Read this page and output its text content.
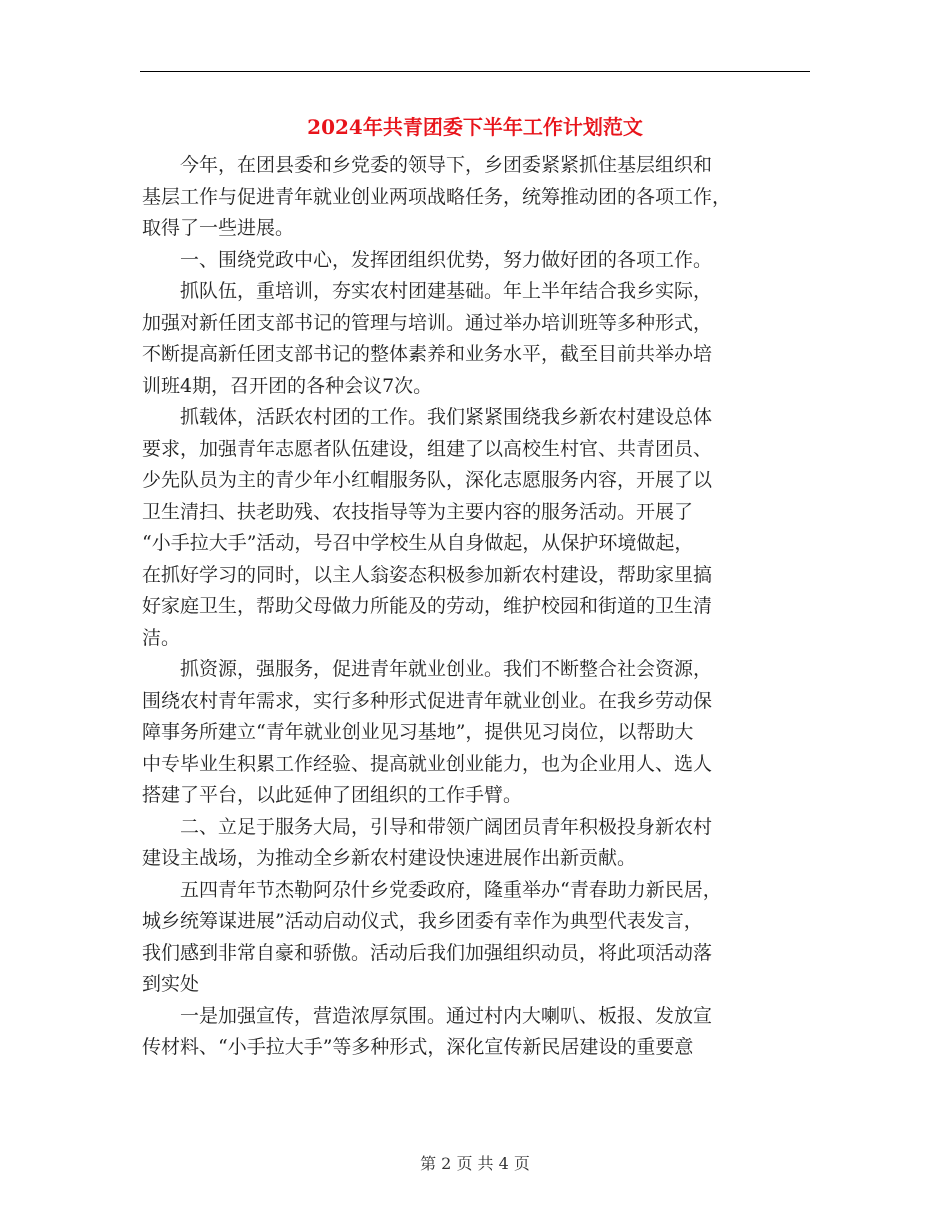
2024年共青团委下半年工作计划范文

　　今年，在团县委和乡党委的领导下，乡团委紧紧抓住基层组织和
基层工作与促进青年就业创业两项战略任务，统筹推动团的各项工作，
取得了一些进展。

　　一、围绕党政中心，发挥团组织优势，努力做好团的各项工作。

　　抓队伍，重培训，夯实农村团建基础。年上半年结合我乡实际，
加强对新任团支部书记的管理与培训。通过举办培训班等多种形式，
不断提高新任团支部书记的整体素养和业务水平，截至目前共举办培
训班4期，召开团的各种会议7次。

　　抓载体，活跃农村团的工作。我们紧紧围绕我乡新农村建设总体
要求，加强青年志愿者队伍建设，组建了以高校生村官、共青团员、
少先队员为主的青少年小红帽服务队，深化志愿服务内容，开展了以
卫生清扫、扶老助残、农技指导等为主要内容的服务活动。开展了
“小手拉大手”活动，号召中学校生从自身做起，从保护环境做起，
在抓好学习的同时，以主人翁姿态积极参加新农村建设，帮助家里搞
好家庭卫生，帮助父母做力所能及的劳动，维护校园和街道的卫生清
洁。

　　抓资源，强服务，促进青年就业创业。我们不断整合社会资源，
围绕农村青年需求，实行多种形式促进青年就业创业。在我乡劳动保
障事务所建立“青年就业创业见习基地”，提供见习岗位，以帮助大
中专毕业生积累工作经验、提高就业创业能力，也为企业用人、选人
搭建了平台，以此延伸了团组织的工作手臂。

　　二、立足于服务大局，引导和带领广阔团员青年积极投身新农村
建设主战场，为推动全乡新农村建设快速进展作出新贡献。

　　五四青年节杰勒阿尕什乡党委政府，隆重举办“青春助力新民居，
城乡统筹谋进展”活动启动仪式，我乡团委有幸作为典型代表发言，
我们感到非常自豪和骄傲。活动后我们加强组织动员，将此项活动落
到实处

　　一是加强宣传，营造浓厚氛围。通过村内大喇叭、板报、发放宣
传材料、“小手拉大手”等多种形式，深化宣传新民居建设的重要意

第 2 页 共 4 页
